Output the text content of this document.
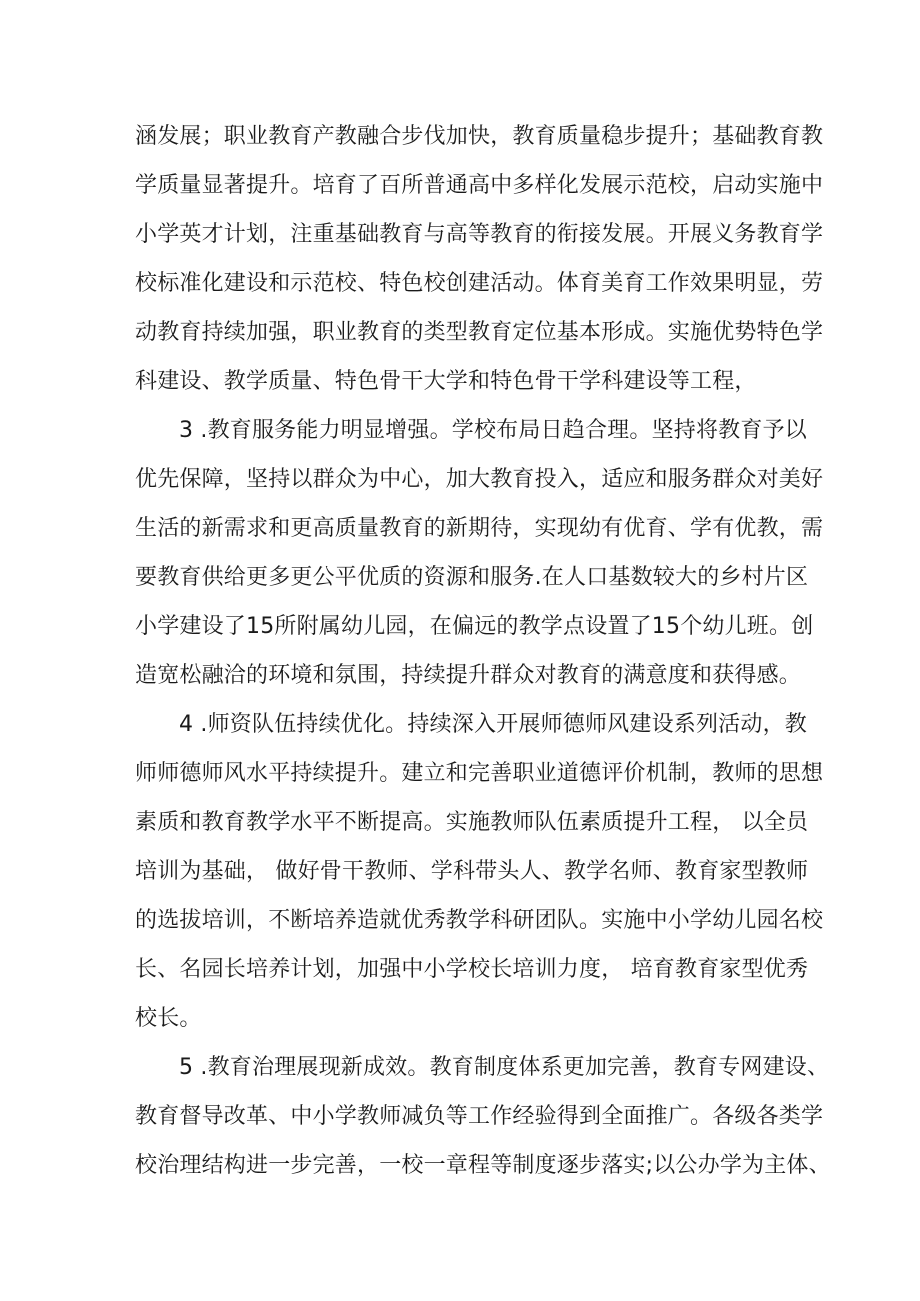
涵发展；职业教育产教融合步伐加快，教育质量稳步提升；基础教育教
学质量显著提升。培育了百所普通高中多样化发展示范校，启动实施中
小学英才计划，注重基础教育与高等教育的衔接发展。开展义务教育学
校标准化建设和示范校、特色校创建活动。体育美育工作效果明显，劳
动教育持续加强，职业教育的类型教育定位基本形成。实施优势特色学
科建设、教学质量、特色骨干大学和特色骨干学科建设等工程，
3 .教育服务能力明显增强。学校布局日趋合理。坚持将教育予以
优先保障，坚持以群众为中心，加大教育投入，适应和服务群众对美好
生活的新需求和更高质量教育的新期待，实现幼有优育、学有优教，需
要教育供给更多更公平优质的资源和服务.在人口基数较大的乡村片区
小学建设了15所附属幼儿园，在偏远的教学点设置了15个幼儿班。创
造宽松融洽的环境和氛围，持续提升群众对教育的满意度和获得感。
4 .师资队伍持续优化。持续深入开展师德师风建设系列活动，教
师师德师风水平持续提升。建立和完善职业道德评价机制，教师的思想
素质和教育教学水平不断提高。实施教师队伍素质提升工程， 以全员
培训为基础， 做好骨干教师、学科带头人、教学名师、教育家型教师
的选拔培训，不断培养造就优秀教学科研团队。实施中小学幼儿园名校
长、名园长培养计划，加强中小学校长培训力度， 培育教育家型优秀
校长。
5 .教育治理展现新成效。教育制度体系更加完善，教育专网建设、
教育督导改革、中小学教师减负等工作经验得到全面推广。各级各类学
校治理结构进一步完善，一校一章程等制度逐步落实;以公办学为主体、
